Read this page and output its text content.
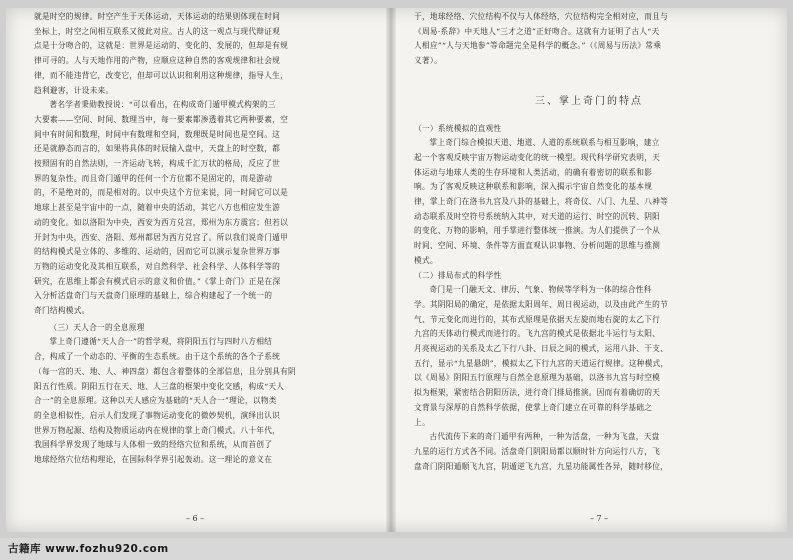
就是时空的规律。时空产生于天体运动，天体运动的结果则体现在时间
坐标上，时空之间相互联系又彼此对应。古人的这一观点与现代辩证观
点是十分吻合的，这就是：世界是运动的、变化的、发展的，但却是有规
律可寻的。人与天地作用的产物，应顺应这种自然的客观规律和社会规
律，而不能违背它，改变它，但却可以认识和利用这种规律，指导人生，
趋利避害，计设未来。

著名学者秉勋教授说：“可以看出，在构成奇门遁甲模式构架的三
大要素——空间、时间、数理当中，每一要素都渗透着其它两种要素，空
间中有时间和数理，时间中有数理和空间，数理既是时间也是空间。这
还是就静态而言的，如果将具体的时辰输入盘中，天盘上的时空数，都
按照固有的自然法则，一齐运动飞转，构成千汇万状的格局，反应了世
界的复杂性。而且奇门遁甲的任何一个方位都不是固定的，而是游动
的，不是绝对的，而是相对的。以中央这个方位来说，同一时间它可以是
地球上甚至是宇宙中的一点，随着中央的活动，其它八方也相应发生游
动的变化。如以洛阳为中央，西安为西方兑宫，郑州为东方震宫；但若以
开封为中央，西安、洛阳、郑州都居为西方兑宫了。所以我们说奇门遁甲
的结构模式是立体的、多维的、运动的，因而它可以演示复杂世界万事
万物的运动变化及其相互联系，对自然科学、社会科学、人体科学等的
研究，在思维上都会有模式启示的意义和价值。”《掌上奇门》正是在深
入分析活盘奇门与天盘奇门原理的基础上，综合构建起了一个统一的
奇门结构模式。

（三）天人合一的全息原理

掌上奇门遵循“天人合一”的哲学观，将阴阳五行与四时八方相结
合，构成了一个动态的、平衡的生态系统。由于这个系统的各个子系统
（每一宫的天、地、人、神四盘）都包含着整体的全部信息，且分别具有阴
阳五行性质。阴阳五行在天、地、人三盘的框架中变化交感，构成“天人
合一”的全息原理。这种以天人感应为基础的“天人合一”理论，以物类
的全息相似性，启示人们发现了事物运动变化的微妙契机，演绎出认识
世界万物起源、结构及物质运动内在规律的掌上奇门模式。八十年代，
我国科学界发现了地球与人体相一致的经络穴位和系统，从而首创了
地球经络穴位结构理论，在国际科学界引起轰动。这一理论的意义在

– 6 –

于，地球经络、穴位结构不仅与人体经络，穴位结构完全相对应，而且与
《周易·系辞》中天地人“三才之道”正好吻合。这就有力证明了古人“天
人相应”“人与天地参”等命题完全是科学的概念。”（《周易与历法》常乘
义著）。

三、掌上奇门的特点

（一）系统模拟的直观性

掌上奇门综合模拟天道、地道、人道的系统联系与相互影响，建立
起一个客观反映宇宙万物运动变化的统一模型。现代科学研究表明，天
体运动与地球人类的生存环境和人类活动，的确有着密切的联系和影
响。为了客观反映这种联系和影响，深入揭示宇宙自然变化的基本规
律，掌上奇门在洛书九宫及八卦的基础上，将奇仪、八门、九星、八神等
动态联系及时空符号系统纳入其中，对天道的运行、时空的沉转、阴阳
的变化、万物的影响，用手掌进行整体统一推演。为人们提供了一个从
时间、空间、环境、条件等方面直观认识事物、分析问题的思维与推测
模式。

（二）排局布式的科学性

奇门是一门融天文、律历、气象、物候等学科为一体的综合性科
学。其阴阳局的确定，是依据太阳周年、周日视运动，以及由此产生的节
气、节元变化而进行的，其布式原理是依据天左旋而地右旋的太乙下行
九宫的天体动行模式而进行的。飞九宫的模式是依据北斗运行与太阳、
月亮视运动的关系及太乙下行八卦、日辰之间的模式，运用八卦、干支、
五行，显示“九星悬朗”，模拟太乙下行九宫的天道运行规律。这种模式，
以《周易》阴阳五行原理与自然全息原理为基础，以洛书九宫与时空模
拟为框架，紧密结合阴阳历法，进行奇门排局推演。因而有着确切的天
文背景与深厚的自然科学依据，使掌上奇门建立在可靠的科学基础之
上。

古代流传下来的奇门遁甲有两种，一种为活盘，一种为飞盘，天盘
九星的运行方式各不同。活盘奇门阴阳局都以顺时针方向运行八方，飞
盘奇门阴阳遁顺飞九宫，阴遁逆飞九宫，九星功能属性各异，随时移位，

– 7 –
古籍库 www.fozhu920.com
